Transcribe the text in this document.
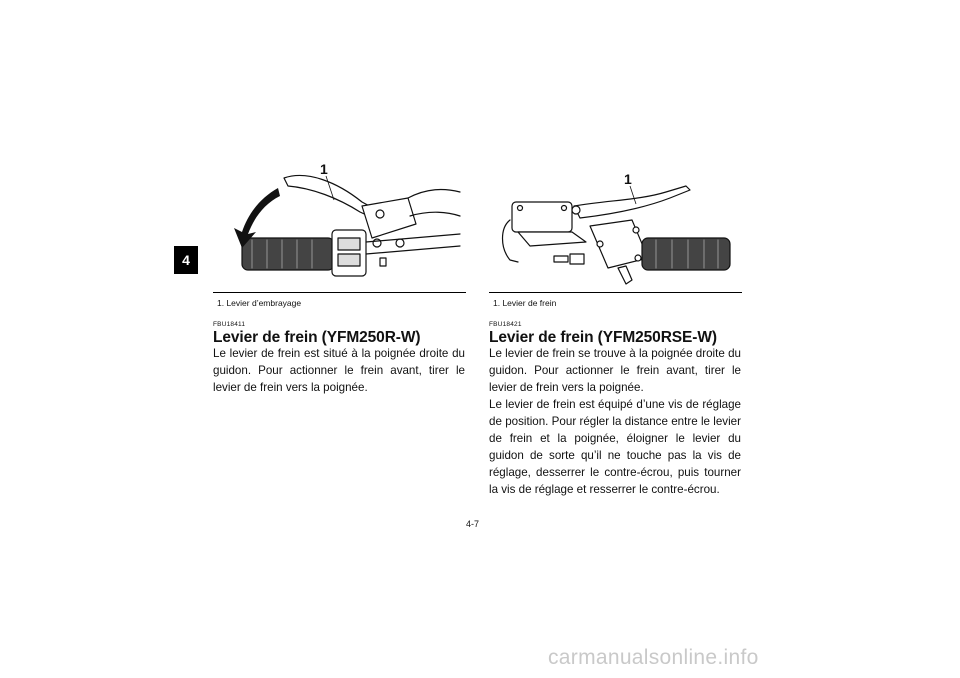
4
1
1
1. Levier d’embrayage	1. Levier de frein
FBU18411
Levier de frein (YFM250R-W)

Le levier de frein est situé à la poignée droite du guidon. Pour actionner le frein avant, tirer le levier de frein vers la poignée.

FBU18421
Levier de frein (YFM250RSE-W)

Le levier de frein se trouve à la poignée droite du guidon. Pour actionner le frein avant, tirer le levier de frein vers la poignée.

Le levier de frein est équipé d’une vis de réglage de position. Pour régler la distance entre le levier de frein et la poignée, éloigner le levier du guidon de sorte qu’il ne touche pas la vis de réglage, desserrer le contre-écrou, puis tourner la vis de réglage et resserrer le contre-écrou.

4-7
carmanualsonline.info
